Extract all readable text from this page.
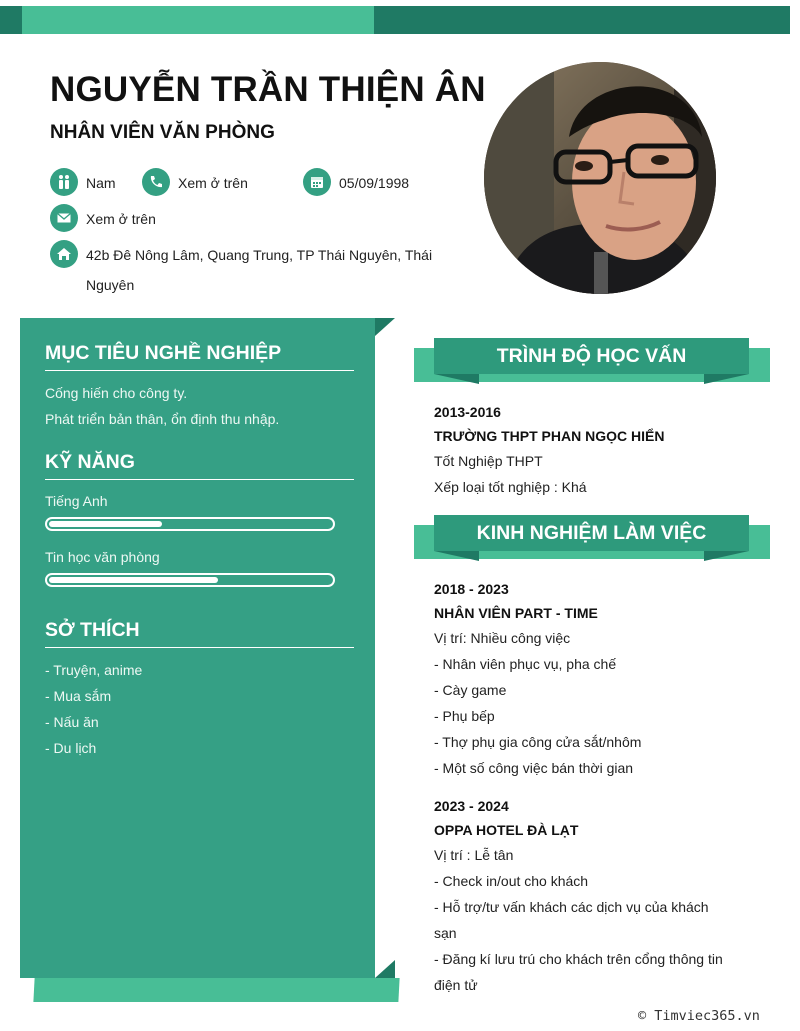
NGUYỄN TRẦN THIỆN ÂN
NHÂN VIÊN VĂN PHÒNG
Nam	Xem ở trên	05/09/1998
Xem ở trên
42b Đê Nông Lâm, Quang Trung, TP Thái Nguyên, Thái
Nguyên
MỤC TIÊU NGHỀ NGHIỆP
Cống hiến cho công ty.
Phát triển bản thân, ổn định thu nhập.
KỸ NĂNG
Tiếng Anh
Tin học văn phòng
SỞ THÍCH
- Truyện, anime
- Mua sắm
- Nấu ăn
- Du lịch
TRÌNH ĐỘ HỌC VẤN
2013-2016
TRƯỜNG THPT PHAN NGỌC HIỂN
Tốt Nghiệp THPT
Xếp loại tốt nghiệp : Khá
KINH NGHIỆM LÀM VIỆC
2018 - 2023
NHÂN VIÊN PART - TIME
Vị trí: Nhiều công việc
- Nhân viên phục vụ, pha chế
- Cày game
- Phụ bếp
- Thợ phụ gia công cửa sắt/nhôm
- Một số công việc bán thời gian
2023 - 2024
OPPA HOTEL ĐÀ LẠT
Vị trí : Lễ tân
- Check in/out cho khách
- Hỗ trợ/tư vấn khách các dịch vụ của khách
sạn
- Đăng kí lưu trú cho khách trên cổng thông tin
điện tử
© Timviec365.vn
